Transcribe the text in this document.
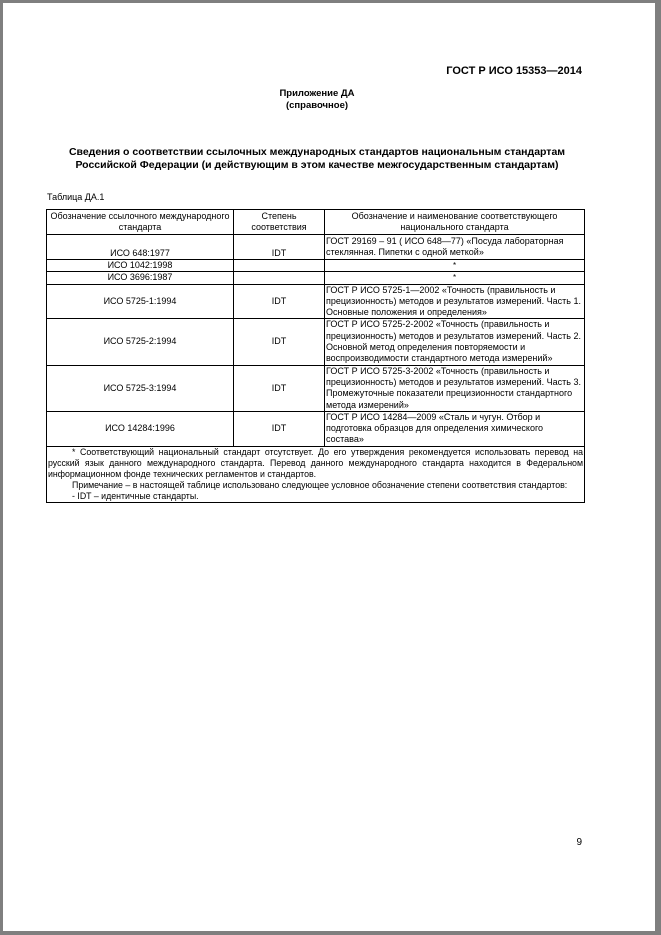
ГОСТ Р ИСО 15353—2014
Приложение ДА
(справочное)
Сведения о соответствии ссылочных международных стандартов национальным стандартам
Российской Федерации (и действующим в этом качестве межгосударственным стандартам)
Таблица ДА.1
Обозначение ссылочного международного стандарта	Степень соответствия	Обозначение и наименование соответствующего национального стандарта
ИСО 648:1977	IDT	ГОСТ 29169 – 91 ( ИСО 648—77) «Посуда лабораторная стеклянная. Пипетки с одной меткой»
ИСО 1042:1998		*
ИСО 3696:1987		*
ИСО 5725-1:1994	IDT	ГОСТ Р ИСО 5725-1—2002 «Точность (правильность и прецизионность) методов и результатов измерений. Часть 1. Основные положения и определения»
ИСО 5725-2:1994	IDT	ГОСТ Р ИСО 5725-2-2002 «Точность (правильность и прецизионность) методов и результатов измерений. Часть 2. Основной метод определения повторяемости и воспроизводимости стандартного метода измерений»
ИСО 5725-3:1994	IDT	ГОСТ Р ИСО 5725-3-2002 «Точность (правильность и прецизионность) методов и результатов измерений. Часть 3. Промежуточные показатели прецизионности стандартного метода измерений»
ИСО 14284:1996	IDT	ГОСТ Р ИСО 14284—2009 «Сталь и чугун. Отбор и подготовка образцов для определения химического состава»

* Соответствующий национальный стандарт отсутствует. До его утверждения рекомендуется использовать перевод на русский язык данного международного стандарта. Перевод данного международного стандарта находится в Федеральном информационном фонде технических регламентов и стандартов.

Примечание – в настоящей таблице использовано следующее условное обозначение степени соответствия стандартов:

- IDT – идентичные стандарты.		

9
